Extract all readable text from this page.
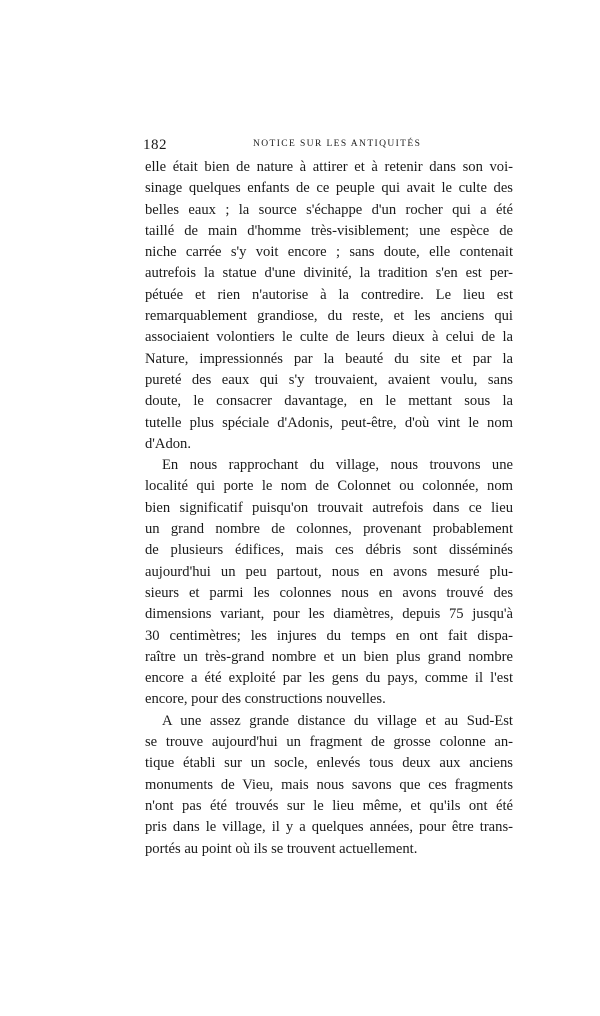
182	NOTICE SUR LES ANTIQUITÉS
elle était bien de nature à attirer et à retenir dans son voi-
sinage quelques enfants de ce peuple qui avait le culte des
belles eaux ; la source s'échappe d'un rocher qui a été
taillé de main d'homme très-visiblement; une espèce de
niche carrée s'y voit encore ; sans doute, elle contenait
autrefois la statue d'une divinité, la tradition s'en est per-
pétuée et rien n'autorise à la contredire. Le lieu est
remarquablement grandiose, du reste, et les anciens qui
associaient volontiers le culte de leurs dieux à celui de la
Nature, impressionnés par la beauté du site et par la
pureté des eaux qui s'y trouvaient, avaient voulu, sans
doute, le consacrer davantage, en le mettant sous la
tutelle plus spéciale d'Adonis, peut-être, d'où vint le nom
d'Adon.
En nous rapprochant du village, nous trouvons une
localité qui porte le nom de Colonnet ou colonnée, nom
bien significatif puisqu'on trouvait autrefois dans ce lieu
un grand nombre de colonnes, provenant probablement
de plusieurs édifices, mais ces débris sont disséminés
aujourd'hui un peu partout, nous en avons mesuré plu-
sieurs et parmi les colonnes nous en avons trouvé des
dimensions variant, pour les diamètres, depuis 75 jusqu'à
30 centimètres; les injures du temps en ont fait dispa-
raître un très-grand nombre et un bien plus grand nombre
encore a été exploité par les gens du pays, comme il l'est
encore, pour des constructions nouvelles.
A une assez grande distance du village et au Sud-Est
se trouve aujourd'hui un fragment de grosse colonne an-
tique établi sur un socle, enlevés tous deux aux anciens
monuments de Vieu, mais nous savons que ces fragments
n'ont pas été trouvés sur le lieu même, et qu'ils ont été
pris dans le village, il y a quelques années, pour être trans-
portés au point où ils se trouvent actuellement.
